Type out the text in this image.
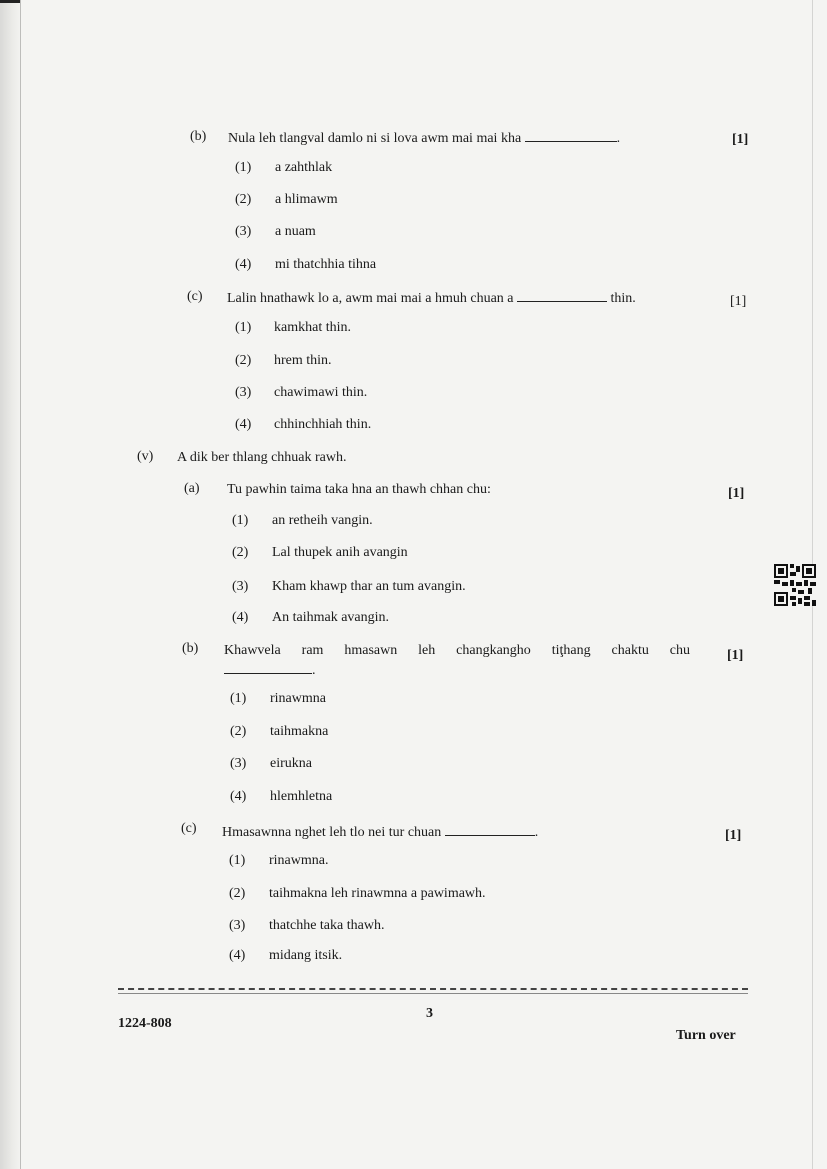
(b) Nula leh tlangval damlo ni si lova awm mai mai kha	.	[1]
(1) a zahthlak
(2) a hlimawm
(3) a nuam
(4) mi thatchhia tihna
(c) Lalin hnathawk lo a, awm mai mai a hmuh chuan a	thin.	[1]
(1) kamkhat thin.
(2) hrem thin.
(3) chawimawi thin.
(4) chhinchhiah thin.
(v) A dik ber thlang chhuak rawh.
(a) Tu pawhin taima taka hna an thawh chhan chu:	[1]
(1) an retheih vangin.
(2) Lal thupek anih avangin
(3) Kham khawp thar an tum avangin.
(4) An taihmak avangin.
(b) Khawvela ram hmasawn leh changkangho tiţhang chaktu chu	[1]
.
(1) rinawmna
(2) taihmakna
(3) eirukna
(4) hlemhletna
(c) Hmasawnna nghet leh tlo nei tur chuan	.	[1]
(1) rinawmna.
(2) taihmakna leh rinawmna a pawimawh.
(3) thatchhe taka thawh.
(4) midang itsik.
1224-808
3
Turn over
